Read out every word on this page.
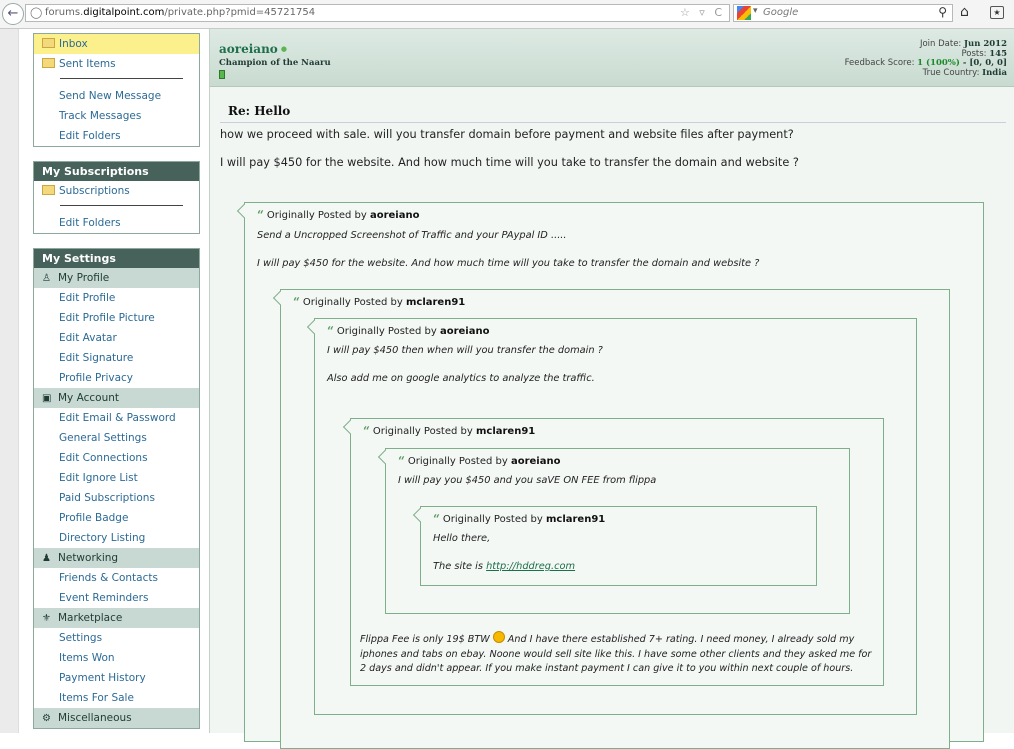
←	◯ forums.digitalpoint.com/private.php?pmid=45721754	☆ ▿ C	▾ Google	⚲ ⌂	★
Inbox
Sent Items
Send New Message
Track Messages
Edit Folders
My Subscriptions
Subscriptions
Edit Folders
My Settings
♙ My Profile
Edit Profile
Edit Profile Picture
Edit Avatar
Edit Signature
Profile Privacy
▣ My Account
Edit Email & Password
General Settings
Edit Connections
Edit Ignore List
Paid Subscriptions
Profile Badge
Directory Listing
♟ Networking
Friends & Contacts
Event Reminders
⚜ Marketplace
Settings
Items Won
Payment History
Items For Sale
⚙ Miscellaneous
aoreiano ●
Champion of the Naaru
Join Date: Jun 2012
Posts: 145
Feedback Score: 1 (100%) - [0, 0, 0]
True Country: India
Re: Hello
how we proceed with sale. will you transfer domain before payment and website files after payment?
I will pay $450 for the website. And how much time will you take to transfer the domain and website ?
“ Originally Posted by aoreiano
Send a Uncropped Screenshot of Traffic and your PAypal ID .....
I will pay $450 for the website. And how much time will you take to transfer the domain and website ?
“ Originally Posted by mclaren91
“ Originally Posted by aoreiano
I will pay $450 then when will you transfer the domain ?
Also add me on google analytics to analyze the traffic.
“ Originally Posted by mclaren91
“ Originally Posted by aoreiano
I will pay you $450 and you saVE ON FEE from flippa
“ Originally Posted by mclaren91
Hello there,
The site is http://hddreg.com
Flippa Fee is only 19$ BTW  And I have there established 7+ rating. I need money, I already sold my iphones and tabs on ebay. Noone would sell site like this. I have some other clients and they asked me for 2 days and didn't appear. If you make instant payment I can give it to you within next couple of hours.
